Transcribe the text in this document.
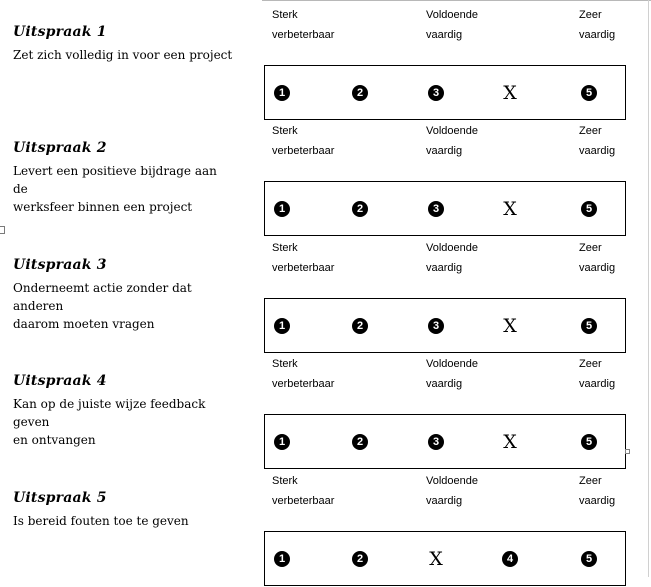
Uitspraak 1
Zet zich volledig in voor een project
Sterk
verbeterbaar
Voldoende
vaardig
Zeer
vaardig
1	2	3	X	5
Uitspraak 2
Levert een positieve bijdrage aan de
werksfeer binnen een project
Sterk
verbeterbaar
Voldoende
vaardig
Zeer
vaardig
1	2	3	X	5
Uitspraak 3
Onderneemt actie zonder dat anderen
daarom moeten vragen
Sterk
verbeterbaar
Voldoende
vaardig
Zeer
vaardig
1	2	3	X	5
Uitspraak 4
Kan op de juiste wijze feedback geven
en ontvangen
Sterk
verbeterbaar
Voldoende
vaardig
Zeer
vaardig
1	2	3	X	5
Uitspraak 5
Is bereid fouten toe te geven
Sterk
verbeterbaar
Voldoende
vaardig
Zeer
vaardig
1	2	X	4	5
